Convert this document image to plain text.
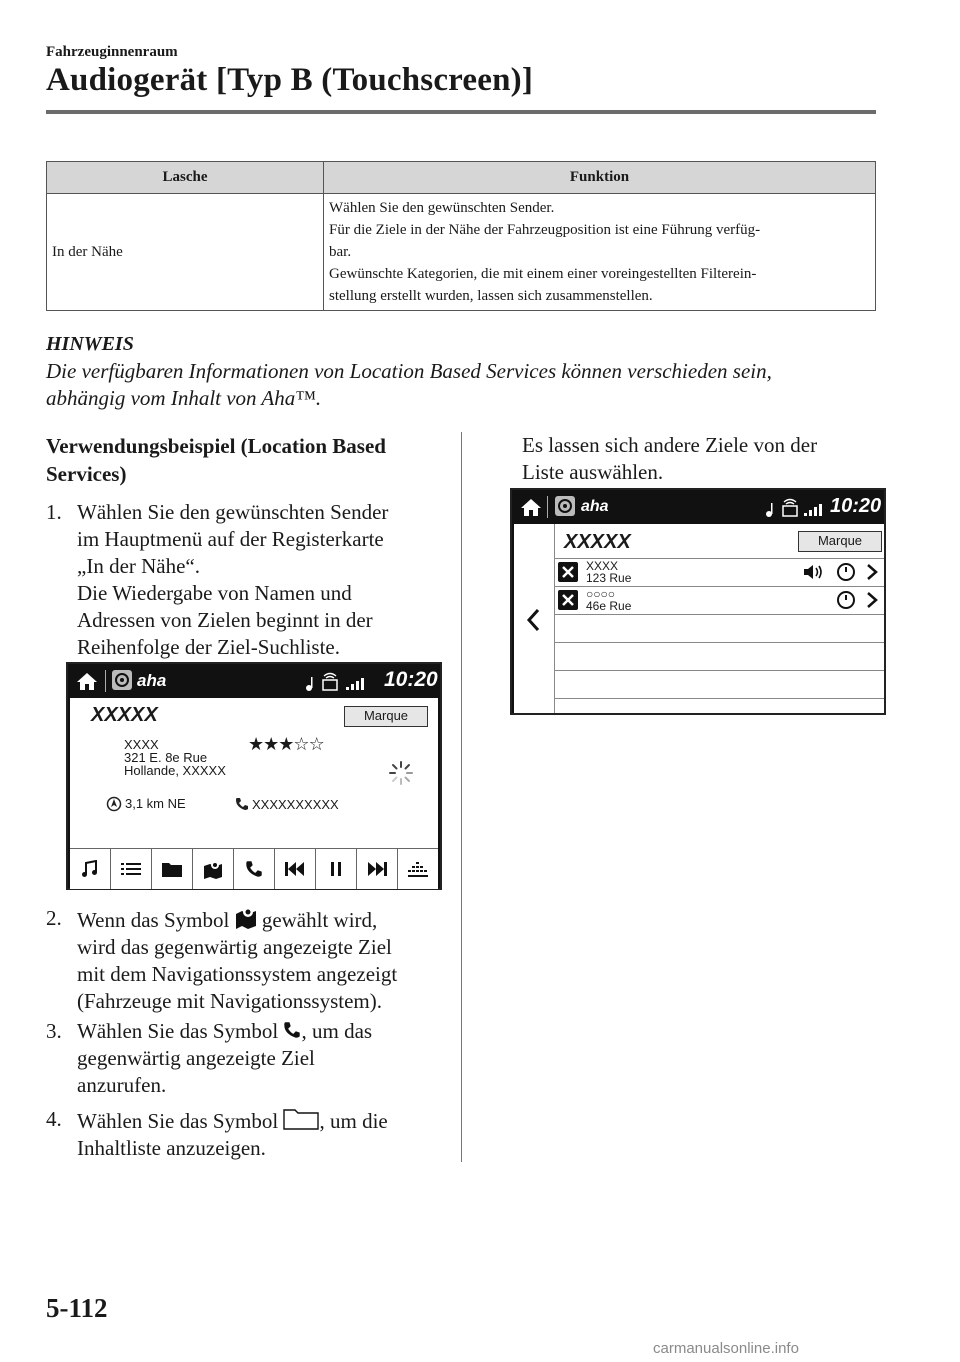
Fahrzeuginnenraum
Audiogerät [Typ B (Touchscreen)]
Lasche	Funktion
In der Nähe	Wählen Sie den gewünschten Sender.
Für die Ziele in der Nähe der Fahrzeugposition ist eine Führung verfüg-
bar.
Gewünschte Kategorien, die mit einem einer voreingestellten Filterein-
stellung erstellt wurden, lassen sich zusammenstellen.
HINWEIS
Die verfügbaren Informationen von Location Based Services können verschieden sein,
abhängig vom Inhalt von Aha™.
Verwendungsbeispiel (Location Based
Services)
1. Wählen Sie den gewünschten Sender
im Hauptmenü auf der Registerkarte
„In der Nähe“.
Die Wiedergabe von Namen und
Adressen von Zielen beginnt in der
Reihenfolge der Ziel-Suchliste.
aha	10:20
XXXXX	Marque
XXXX
321 E. 8e Rue
Hollande, XXXXX
★★★☆☆
3,1 km NE	XXXXXXXXXX
2. Wenn das Symbol  gewählt wird,
wird das gegenwärtig angezeigte Ziel
mit dem Navigationssystem angezeigt
(Fahrzeuge mit Navigationssystem).
3. Wählen Sie das Symbol , um das
gegenwärtig angezeigte Ziel
anzurufen.
4. Wählen Sie das Symbol , um die
Inhaltliste anzuzeigen.
Es lassen sich andere Ziele von der
Liste auswählen.
aha	10:20
XXXXX	Marque
XXXX
123 Rue
○○○○
46e Rue
5-112
carmanualsonline.info
